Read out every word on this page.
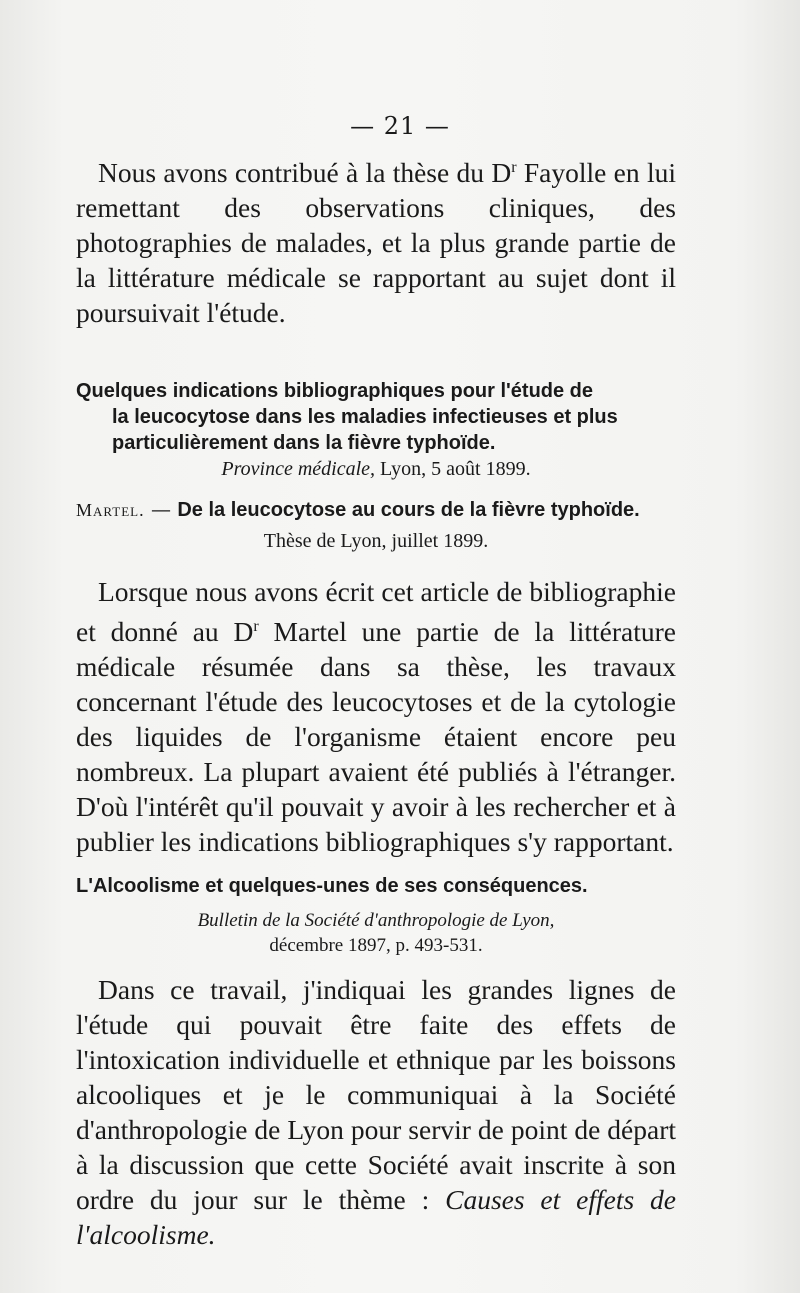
— 21 —

Nous avons contribué à la thèse du $D^r$ Fayolle en lui remettant des observations cliniques, des photographies de malades, et la plus grande partie de la littérature médicale se rapportant au sujet dont il poursuivait l'étude.

Quelques indications bibliographiques pour l'étude de
la leucocytose dans les maladies infectieuses et plus
particulièrement dans la fièvre typhoïde.

Province médicale, Lyon, 5 août 1899.

Martel. — De la leucocytose au cours de la fièvre typhoïde.

Thèse de Lyon, juillet 1899.

Lorsque nous avons écrit cet article de bibliographie et donné au $D^r$ Martel une partie de la littérature médicale résumée dans sa thèse, les travaux concernant l'étude des leucocytoses et de la cytologie des liquides de l'organisme étaient encore peu nombreux. La plupart avaient été publiés à l'étranger. D'où l'intérêt qu'il pouvait y avoir à les rechercher et à publier les indications bibliographiques s'y rapportant.

L'Alcoolisme et quelques-unes de ses conséquences.

Bulletin de la Société d'anthropologie de Lyon,
décembre 1897, p. 493-531.

Dans ce travail, j'indiquai les grandes lignes de l'étude qui pouvait être faite des effets de l'intoxication individuelle et ethnique par les boissons alcooliques et je le communiquai à la Société d'anthropologie de Lyon pour servir de point de départ à la discussion que cette Société avait inscrite à son ordre du jour sur le thème : Causes et effets de l'alcoolisme.
